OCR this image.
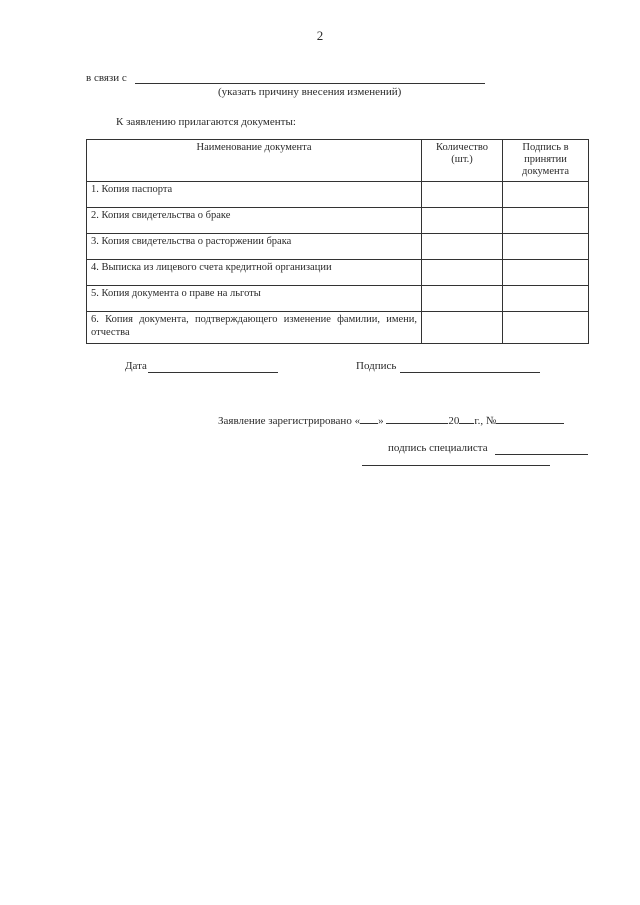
2
в связи с
(указать причину внесения изменений)
К заявлению прилагаются документы:
Наименование документа	Количество (шт.)	Подпись в принятии документа
1. Копия паспорта		
2. Копия свидетельства о браке		
3. Копия свидетельства о расторжении брака		
4. Выписка из лицевого счета кредитной организации		
5. Копия документа о праве на льготы		
6. Копия документа, подтверждающего изменение фамилии, имени, отчества		
Дата	Подпись
Заявление зарегистрировано « »	20 г., №
подпись специалиста
